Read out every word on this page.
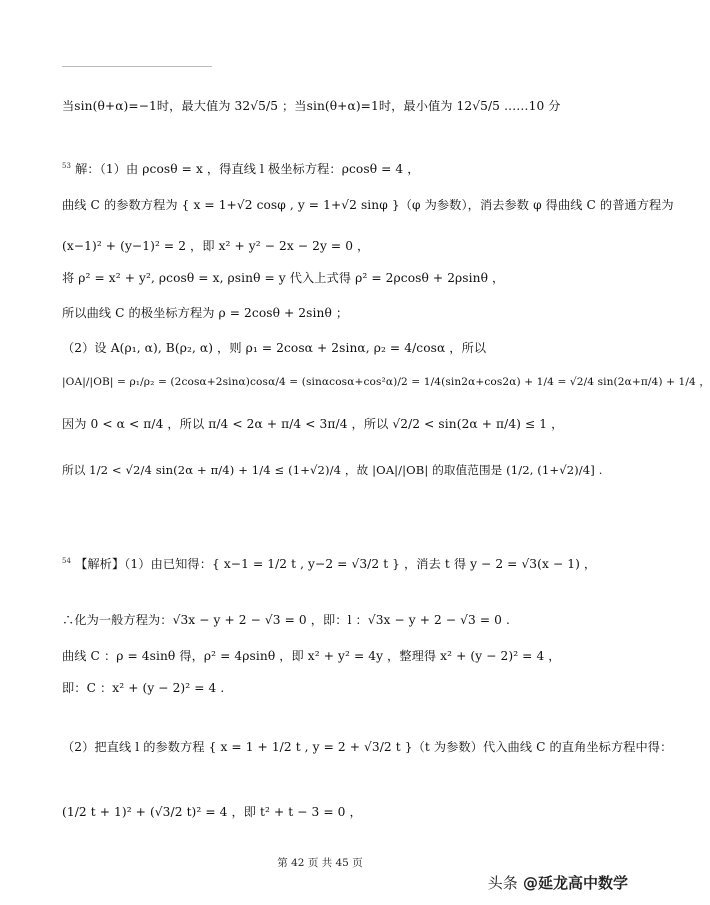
当sin(θ+α)=−1时，最大值为 32√5/5 ；当sin(θ+α)=1时，最小值为 12√5/5 ……10 分
$^{53}$ 解：（1）由 ρcosθ = x ，得直线 l 极坐标方程：ρcosθ = 4 ，
曲线 C 的参数方程为 { x = 1+√2 cosφ , y = 1+√2 sinφ }（φ 为参数），消去参数 φ 得曲线 C 的普通方程为
(x−1)² + (y−1)² = 2 ，即 x² + y² − 2x − 2y = 0 ，
将 ρ² = x² + y², ρcosθ = x, ρsinθ = y 代入上式得 ρ² = 2ρcosθ + 2ρsinθ ，
所以曲线 C 的极坐标方程为 ρ = 2cosθ + 2sinθ ；
（2）设 A(ρ₁, α), B(ρ₂, α) ，则 ρ₁ = 2cosα + 2sinα, ρ₂ = 4/cosα ，所以
|OA|/|OB| = ρ₁/ρ₂ = (2cosα+2sinα)cosα/4 = (sinαcosα+cos²α)/2 = 1/4(sin2α+cos2α) + 1/4 = √2/4 sin(2α+π/4) + 1/4 ，
因为 0 < α < π/4 ，所以 π/4 < 2α + π/4 < 3π/4 ，所以 √2/2 < sin(2α + π/4) ≤ 1 ，
所以 1/2 < √2/4 sin(2α + π/4) + 1/4 ≤ (1+√2)/4 ，故 |OA|/|OB| 的取值范围是 (1/2, (1+√2)/4] .
$^{54}$ 【解析】（1）由已知得：{ x−1 = 1/2 t , y−2 = √3/2 t } ，消去 t 得 y − 2 = √3(x − 1) ，
∴化为一般方程为：√3x − y + 2 − √3 = 0 ，即：l ：√3x − y + 2 − √3 = 0 .
曲线 C ：ρ = 4sinθ 得，ρ² = 4ρsinθ ，即 x² + y² = 4y ，整理得 x² + (y − 2)² = 4 ，
即：C ：x² + (y − 2)² = 4 .
（2）把直线 l 的参数方程 { x = 1 + 1/2 t , y = 2 + √3/2 t }（t 为参数）代入曲线 C 的直角坐标方程中得：
(1/2 t + 1)² + (√3/2 t)² = 4 ，即 t² + t − 3 = 0 ，
第 42 页 共 45 页
头条 @延龙高中数学
